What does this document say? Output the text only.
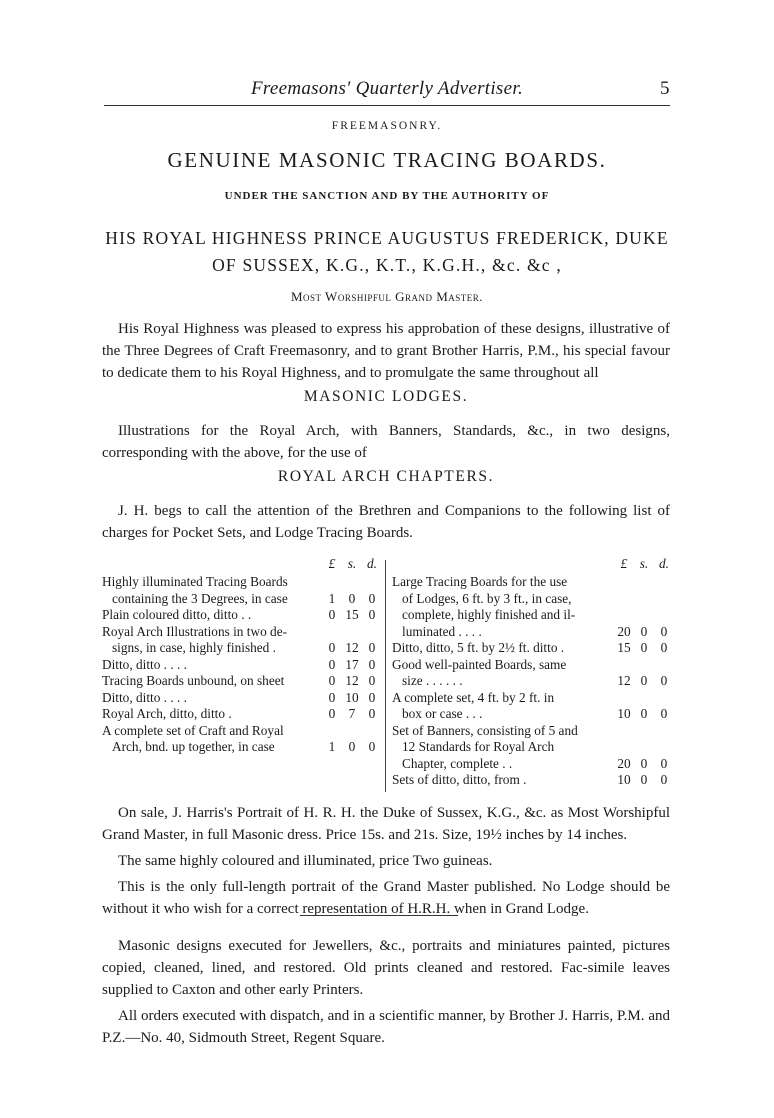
Freemasons' Quarterly Advertiser.	5
FREEMASONRY.
GENUINE MASONIC TRACING BOARDS.
UNDER THE SANCTION AND BY THE AUTHORITY OF
HIS ROYAL HIGHNESS PRINCE AUGUSTUS FREDERICK, DUKE
OF SUSSEX, K.G., K.T., K.G.H., &c. &c ,
Most Worshipful Grand Master.

His Royal Highness was pleased to express his approbation of these designs, illustrative of the Three Degrees of Craft Freemasonry, and to grant Brother Harris, P.M., his special favour to dedicate them to his Royal Highness, and to promulgate the same throughout all

MASONIC LODGES.

Illustrations for the Royal Arch, with Banners, Standards, &c., in two designs, corresponding with the above, for the use of

ROYAL ARCH CHAPTERS.

J. H. begs to call the attention of the Brethren and Companions to the following list of charges for Pocket Sets, and Lodge Tracing Boards.

£ s. d.
Highly illuminated Tracing Boards
containing the 3 Degrees, in case	1	0	0
Plain coloured ditto, ditto . .	0 15 0
Royal Arch Illustrations in two de-
signs, in case, highly finished .	0 12 0
Ditto, ditto . . . .	0 17 0
Tracing Boards unbound, on sheet	0 12 0
Ditto, ditto . . . .	0 10 0
Royal Arch, ditto, ditto .	0	7	0
A complete set of Craft and Royal
Arch, bnd. up together, in case	1	0	0
£ s. d.
Large Tracing Boards for the use
of Lodges, 6 ft. by 3 ft., in case,
complete, highly finished and il-
luminated . . . .	20 0	0
Ditto, ditto, 5 ft. by 2½ ft. ditto .	15 0	0
Good well-painted Boards, same
size . . . . . .	12 0	0
A complete set, 4 ft. by 2 ft. in
box or case . . .	10 0	0
Set of Banners, consisting of 5 and
12 Standards for Royal Arch
Chapter, complete . .	20 0	0
Sets of ditto, ditto, from .	10 0	0

On sale, J. Harris's Portrait of H. R. H. the Duke of Sussex, K.G., &c. as Most Worshipful Grand Master, in full Masonic dress. Price 15s. and 21s. Size, 19½ inches by 14 inches.

The same highly coloured and illuminated, price Two guineas.

This is the only full-length portrait of the Grand Master published. No Lodge should be without it who wish for a correct representation of H.R.H. when in Grand Lodge.

Masonic designs executed for Jewellers, &c., portraits and miniatures painted, pictures copied, cleaned, lined, and restored. Old prints cleaned and restored. Fac-simile leaves supplied to Caxton and other early Printers.

All orders executed with dispatch, and in a scientific manner, by Brother J. Harris, P.M. and P.Z.—No. 40, Sidmouth Street, Regent Square.
